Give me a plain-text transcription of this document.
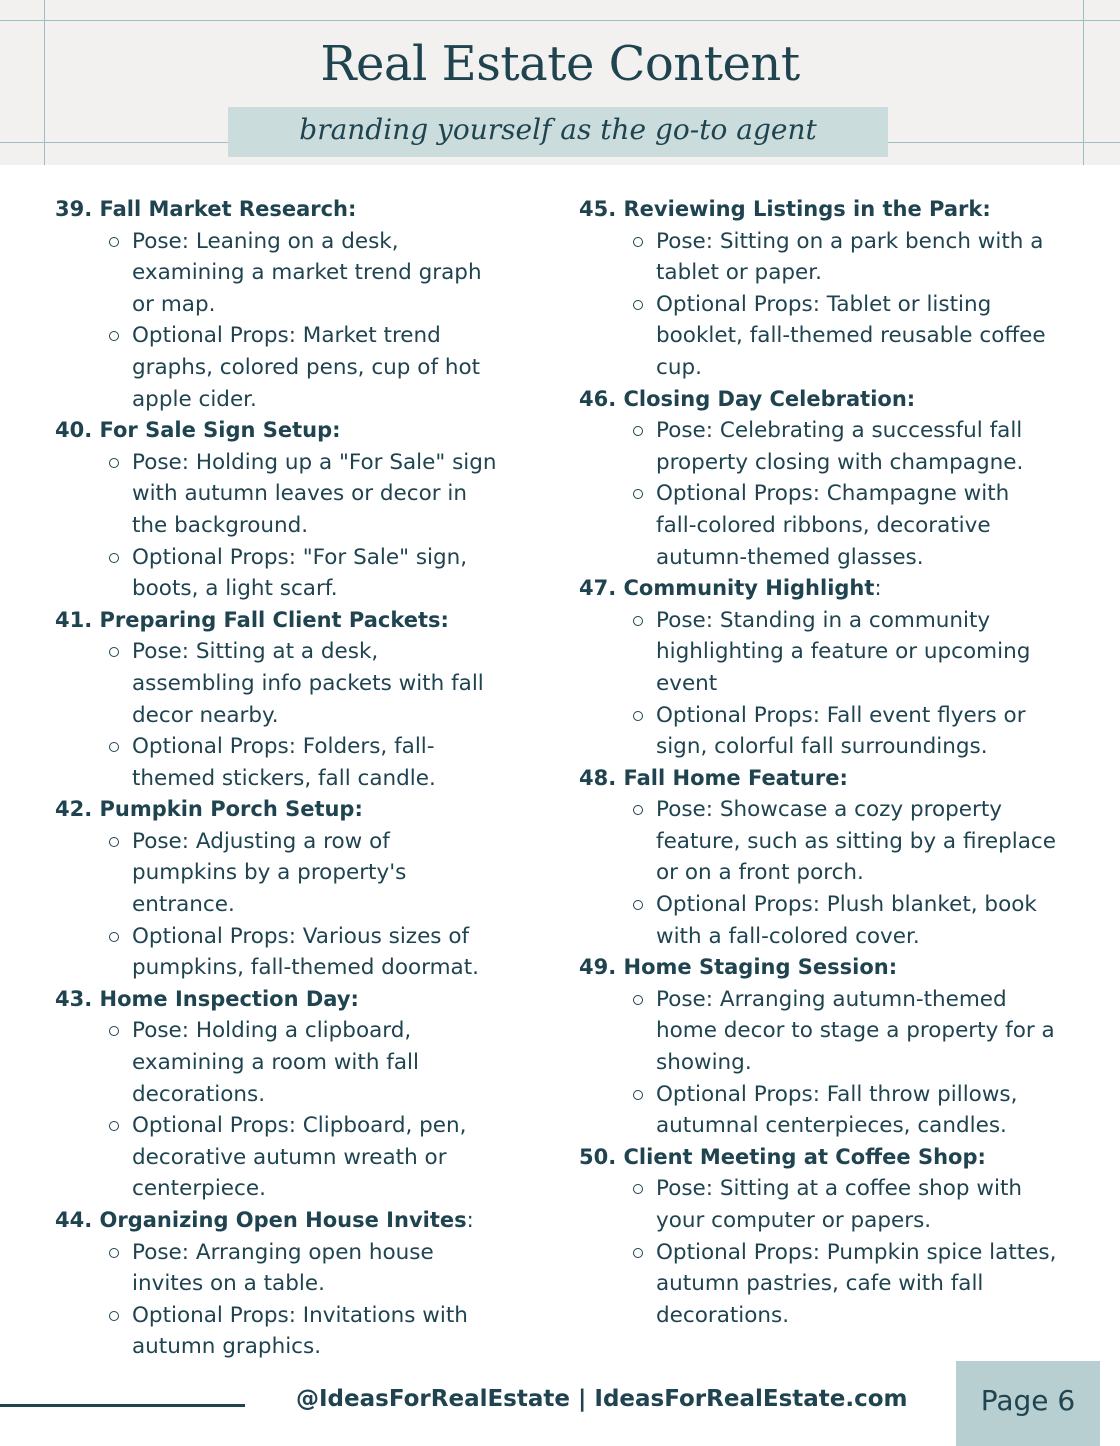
Real Estate Content
branding yourself as the go-to agent
39. Fall Market Research:
Pose: Leaning on a desk,
examining a market trend graph
or map.
Optional Props: Market trend
graphs, colored pens, cup of hot
apple cider.
40. For Sale Sign Setup:
Pose: Holding up a "For Sale" sign
with autumn leaves or decor in
the background.
Optional Props: "For Sale" sign,
boots, a light scarf.
41. Preparing Fall Client Packets:
Pose: Sitting at a desk,
assembling info packets with fall
decor nearby.
Optional Props: Folders, fall-
themed stickers, fall candle.
42. Pumpkin Porch Setup:
Pose: Adjusting a row of
pumpkins by a property's
entrance.
Optional Props: Various sizes of
pumpkins, fall-themed doormat.
43. Home Inspection Day:
Pose: Holding a clipboard,
examining a room with fall
decorations.
Optional Props: Clipboard, pen,
decorative autumn wreath or
centerpiece.
44. Organizing Open House Invites:
Pose: Arranging open house
invites on a table.
Optional Props: Invitations with
autumn graphics.
45. Reviewing Listings in the Park:
Pose: Sitting on a park bench with a
tablet or paper.
Optional Props: Tablet or listing
booklet, fall-themed reusable coffee
cup.
46. Closing Day Celebration:
Pose: Celebrating a successful fall
property closing with champagne.
Optional Props: Champagne with
fall-colored ribbons, decorative
autumn-themed glasses.
47. Community Highlight:
Pose: Standing in a community
highlighting a feature or upcoming
event
Optional Props: Fall event flyers or
sign, colorful fall surroundings.
48. Fall Home Feature:
Pose: Showcase a cozy property
feature, such as sitting by a fireplace
or on a front porch.
Optional Props: Plush blanket, book
with a fall-colored cover.
49. Home Staging Session:
Pose: Arranging autumn-themed
home decor to stage a property for a
showing.
Optional Props: Fall throw pillows,
autumnal centerpieces, candles.
50. Client Meeting at Coffee Shop:
Pose: Sitting at a coffee shop with
your computer or papers.
Optional Props: Pumpkin spice lattes,
autumn pastries, cafe with fall
decorations.
@IdeasForRealEstate | IdeasForRealEstate.com	Page 6
